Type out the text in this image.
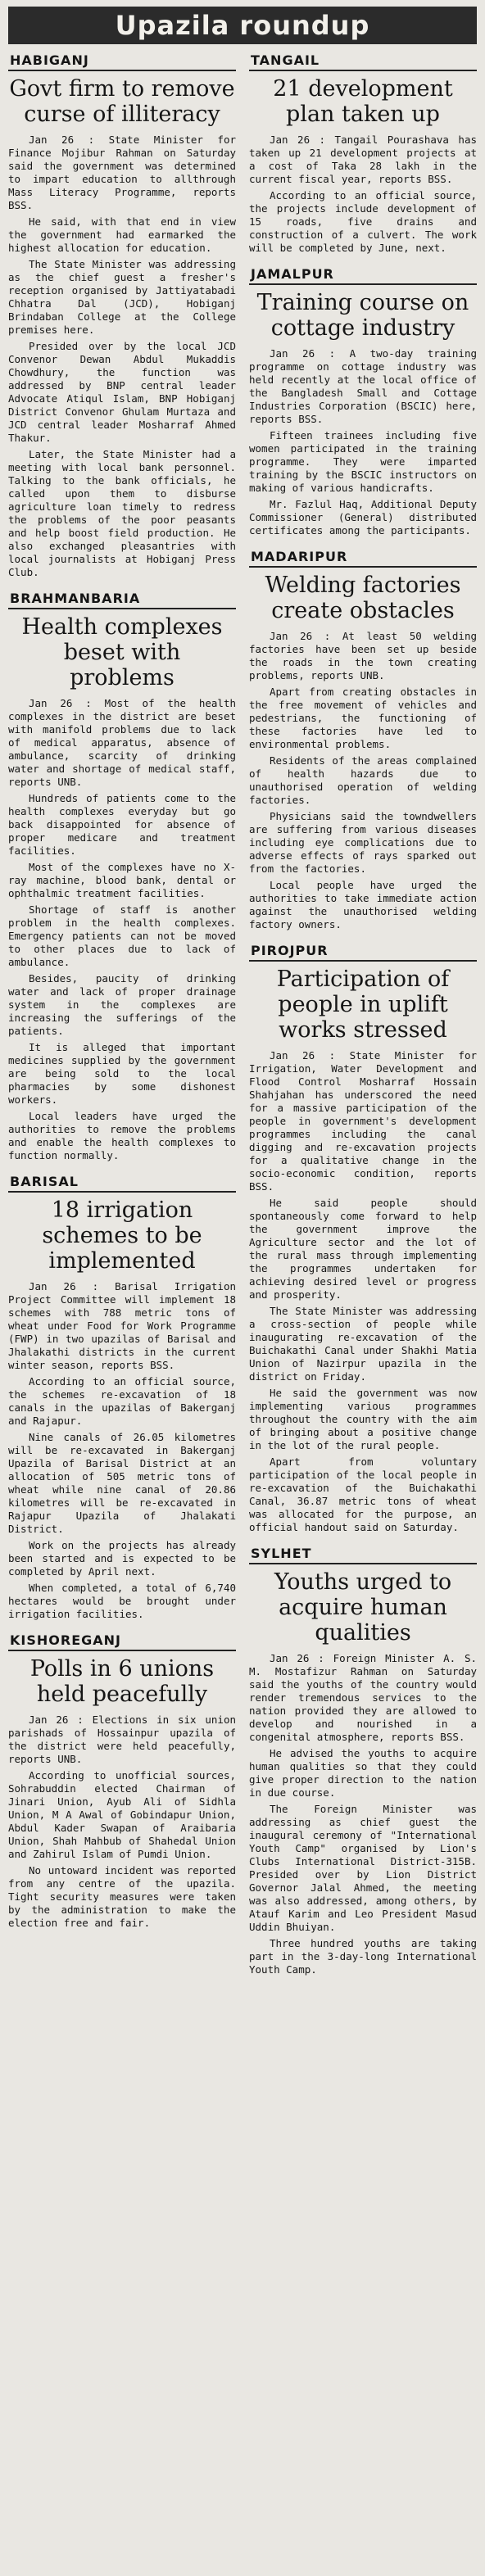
Upazila roundup
HABIGANJ
Govt firm to remove curse of illiteracy

Jan 26 : State Minister for Finance Mojibur Rahman on Saturday said the government was determined to impart education to allthrough Mass Literacy Programme, reports BSS.

He said, with that end in view the government had earmarked the highest allocation for education.

The State Minister was addressing as the chief guest a fresher's reception organised by Jattiyatabadi Chhatra Dal (JCD), Hobiganj Brindaban College at the College premises here.

Presided over by the local JCD Convenor Dewan Abdul Mukaddis Chowdhury, the function was addressed by BNP central leader Advocate Atiqul Islam, BNP Hobiganj District Convenor Ghulam Murtaza and JCD central leader Mosharraf Ahmed Thakur.

Later, the State Minister had a meeting with local bank personnel. Talking to the bank officials, he called upon them to disburse agriculture loan timely to redress the problems of the poor peasants and help boost field production. He also exchanged pleasantries with local journalists at Hobiganj Press Club.

BRAHMANBARIA
Health complexes beset with problems

Jan 26 : Most of the health complexes in the district are beset with manifold problems due to lack of medical apparatus, absence of ambulance, scarcity of drinking water and shortage of medical staff, reports UNB.

Hundreds of patients come to the health complexes everyday but go back disappointed for absence of proper medicare and treatment facilities.

Most of the complexes have no X-ray machine, blood bank, dental or ophthalmic treatment facilities.

Shortage of staff is another problem in the health complexes. Emergency patients can not be moved to other places due to lack of ambulance.

Besides, paucity of drinking water and lack of proper drainage system in the complexes are increasing the sufferings of the patients.

It is alleged that important medicines supplied by the government are being sold to the local pharmacies by some dishonest workers.

Local leaders have urged the authorities to remove the problems and enable the health complexes to function normally.

BARISAL
18 irrigation schemes to be implemented

Jan 26 : Barisal Irrigation Project Committee will implement 18 schemes with 788 metric tons of wheat under Food for Work Programme (FWP) in two upazilas of Barisal and Jhalakathi districts in the current winter season, reports BSS.

According to an official source, the schemes re-excavation of 18 canals in the upazilas of Bakerganj and Rajapur.

Nine canals of 26.05 kilometres will be re-excavated in Bakerganj Upazila of Barisal District at an allocation of 505 metric tons of wheat while nine canal of 20.86 kilometres will be re-excavated in Rajapur Upazila of Jhalakati District.

Work on the projects has already been started and is expected to be completed by April next.

When completed, a total of 6,740 hectares would be brought under irrigation facilities.

KISHOREGANJ
Polls in 6 unions held peacefully

Jan 26 : Elections in six union parishads of Hossainpur upazila of the district were held peacefully, reports UNB.

According to unofficial sources, Sohrabuddin elected Chairman of Jinari Union, Ayub Ali of Sidhla Union, M A Awal of Gobindapur Union, Abdul Kader Swapan of Araibaria Union, Shah Mahbub of Shahedal Union and Zahirul Islam of Pumdi Union.

No untoward incident was reported from any centre of the upazila. Tight security measures were taken by the administration to make the election free and fair.

TANGAIL
21 development plan taken up

Jan 26 : Tangail Pourashava has taken up 21 development projects at a cost of Taka 28 lakh in the current fiscal year, reports BSS.

According to an official source, the projects include development of 15 roads, five drains and construction of a culvert. The work will be completed by June, next.

JAMALPUR
Training course on cottage industry

Jan 26 : A two-day training programme on cottage industry was held recently at the local office of the Bangladesh Small and Cottage Industries Corporation (BSCIC) here, reports BSS.

Fifteen trainees including five women participated in the training programme. They were imparted training by the BSCIC instructors on making of various handicrafts.

Mr. Fazlul Haq, Additional Deputy Commissioner (General) distributed certificates among the participants.

MADARIPUR
Welding factories create obstacles

Jan 26 : At least 50 welding factories have been set up beside the roads in the town creating problems, reports UNB.

Apart from creating obstacles in the free movement of vehicles and pedestrians, the functioning of these factories have led to environmental problems.

Residents of the areas complained of health hazards due to unauthorised operation of welding factories.

Physicians said the towndwellers are suffering from various diseases including eye complications due to adverse effects of rays sparked out from the factories.

Local people have urged the authorities to take immediate action against the unauthorised welding factory owners.

PIROJPUR
Participation of people in uplift works stressed

Jan 26 : State Minister for Irrigation, Water Development and Flood Control Mosharraf Hossain Shahjahan has underscored the need for a massive participation of the people in government's development programmes including the canal digging and re-excavation projects for a qualitative change in the socio-economic condition, reports BSS.

He said people should spontaneously come forward to help the government improve the Agriculture sector and the lot of the rural mass through implementing the programmes undertaken for achieving desired level or progress and prosperity.

The State Minister was addressing a cross-section of people while inaugurating re-excavation of the Buichakathi Canal under Shakhi Matia Union of Nazirpur upazila in the district on Friday.

He said the government was now implementing various programmes throughout the country with the aim of bringing about a positive change in the lot of the rural people.

Apart from voluntary participation of the local people in re-excavation of the Buichakathi Canal, 36.87 metric tons of wheat was allocated for the purpose, an official handout said on Saturday.

SYLHET
Youths urged to acquire human qualities

Jan 26 : Foreign Minister A. S. M. Mostafizur Rahman on Saturday said the youths of the country would render tremendous services to the nation provided they are allowed to develop and nourished in a congenital atmosphere, reports BSS.

He advised the youths to acquire human qualities so that they could give proper direction to the nation in due course.

The Foreign Minister was addressing as chief guest the inaugural ceremony of "International Youth Camp" organised by Lion's Clubs International District-315B. Presided over by Lion District Governor Jalal Ahmed, the meeting was also addressed, among others, by Atauf Karim and Leo President Masud Uddin Bhuiyan.

Three hundred youths are taking part in the 3-day-long International Youth Camp.
